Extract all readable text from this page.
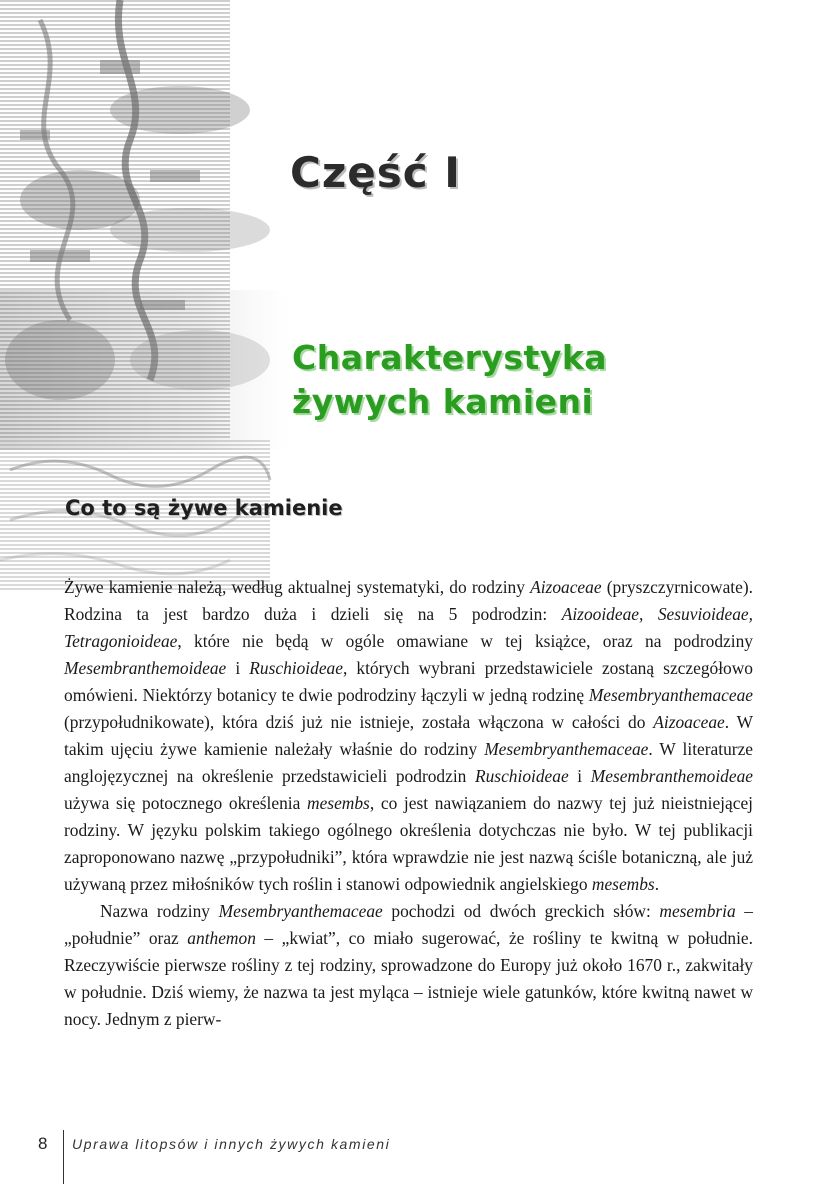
Część I
Charakterystyka
żywych kamieni
Co to są żywe kamienie

Żywe kamienie należą, według aktualnej systematyki, do rodziny Aizoaceae (pryszczyrnicowate). Rodzina ta jest bardzo duża i dzieli się na 5 podrodzin: Aizooideae, Sesuvioideae, Tetragonioideae, które nie będą w ogóle omawiane w tej książce, oraz na podrodziny Mesembranthemoideae i Ruschioideae, których wybrani przedstawiciele zostaną szczegółowo omówieni. Niektórzy botanicy te dwie podrodziny łączyli w jedną rodzinę Mesembryanthemaceae (przypołudnikowate), która dziś już nie istnieje, została włączona w całości do Aizoaceae. W takim ujęciu żywe kamienie należały właśnie do rodziny Mesembryanthemaceae. W literaturze anglojęzycznej na określenie przedstawicieli podrodzin Ruschioideae i Mesembranthemoideae używa się potocznego określenia mesembs, co jest nawiązaniem do nazwy tej już nieistniejącej rodziny. W języku polskim takiego ogólnego określenia dotychczas nie było. W tej publikacji zaproponowano nazwę „przypołudniki”, która wprawdzie nie jest nazwą ściśle botaniczną, ale już używaną przez miłośników tych roślin i stanowi odpowiednik angielskiego mesembs.

Nazwa rodziny Mesembryanthemaceae pochodzi od dwóch greckich słów: mesembria – „południe” oraz anthemon – „kwiat”, co miało sugerować, że rośliny te kwitną w południe. Rzeczywiście pierwsze rośliny z tej rodziny, sprowadzone do Europy już około 1670 r., zakwitały w południe. Dziś wiemy, że nazwa ta jest myląca – istnieje wiele gatunków, które kwitną nawet w nocy. Jednym z pierw-

8 Uprawa litopsów i innych żywych kamieni
